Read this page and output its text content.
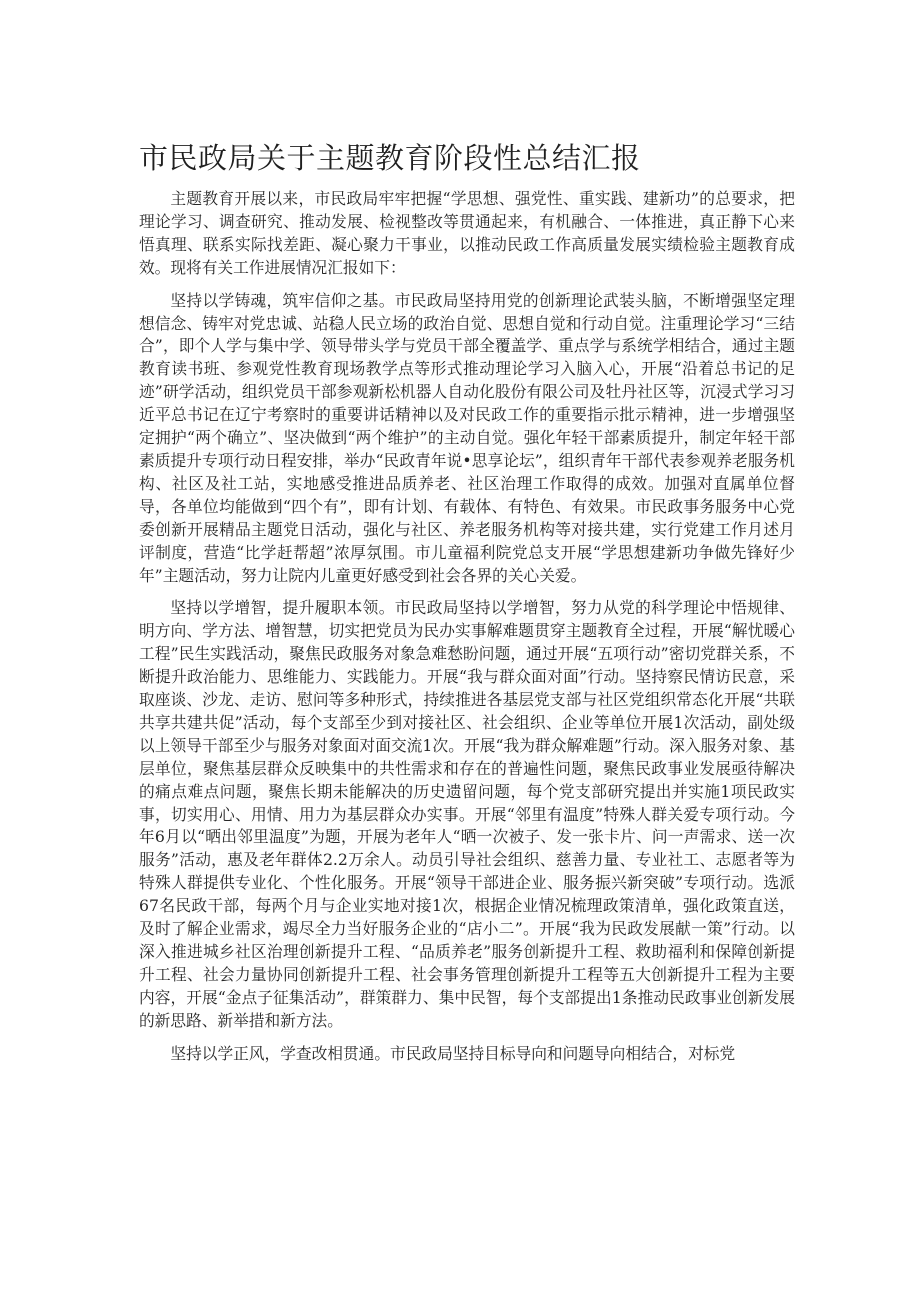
市民政局关于主题教育阶段性总结汇报

主题教育开展以来，市民政局牢牢把握“学思想、强党性、重实践、建新功”的总要求，把理论学习、调查研究、推动发展、检视整改等贯通起来，有机融合、一体推进，真正静下心来悟真理、联系实际找差距、凝心聚力干事业，以推动民政工作高质量发展实绩检验主题教育成效。现将有关工作进展情况汇报如下：

坚持以学铸魂，筑牢信仰之基。市民政局坚持用党的创新理论武装头脑，不断增强坚定理想信念、铸牢对党忠诚、站稳人民立场的政治自觉、思想自觉和行动自觉。注重理论学习“三结合”，即个人学与集中学、领导带头学与党员干部全覆盖学、重点学与系统学相结合，通过主题教育读书班、参观党性教育现场教学点等形式推动理论学习入脑入心，开展“沿着总书记的足迹”研学活动，组织党员干部参观新松机器人自动化股份有限公司及牡丹社区等，沉浸式学习习近平总书记在辽宁考察时的重要讲话精神以及对民政工作的重要指示批示精神，进一步增强坚定拥护“两个确立”、坚决做到“两个维护”的主动自觉。强化年轻干部素质提升，制定年轻干部素质提升专项行动日程安排，举办“民政青年说•思享论坛”，组织青年干部代表参观养老服务机构、社区及社工站，实地感受推进品质养老、社区治理工作取得的成效。加强对直属单位督导，各单位均能做到“四个有”，即有计划、有载体、有特色、有效果。市民政事务服务中心党委创新开展精品主题党日活动，强化与社区、养老服务机构等对接共建，实行党建工作月述月评制度，营造“比学赶帮超”浓厚氛围。市儿童福利院党总支开展“学思想建新功争做先锋好少年”主题活动，努力让院内儿童更好感受到社会各界的关心关爱。

坚持以学增智，提升履职本领。市民政局坚持以学增智，努力从党的科学理论中悟规律、明方向、学方法、增智慧，切实把党员为民办实事解难题贯穿主题教育全过程，开展“解忧暖心工程”民生实践活动，聚焦民政服务对象急难愁盼问题，通过开展“五项行动”密切党群关系，不断提升政治能力、思维能力、实践能力。开展“我与群众面对面”行动。坚持察民情访民意，采取座谈、沙龙、走访、慰问等多种形式，持续推进各基层党支部与社区党组织常态化开展“共联共享共建共促”活动，每个支部至少到对接社区、社会组织、企业等单位开展1次活动，副处级以上领导干部至少与服务对象面对面交流1次。开展“我为群众解难题”行动。深入服务对象、基层单位，聚焦基层群众反映集中的共性需求和存在的普遍性问题，聚焦民政事业发展亟待解决的痛点难点问题，聚焦长期未能解决的历史遗留问题，每个党支部研究提出并实施1项民政实事，切实用心、用情、用力为基层群众办实事。开展“邻里有温度”特殊人群关爱专项行动。今年6月以“晒出邻里温度”为题，开展为老年人“晒一次被子、发一张卡片、问一声需求、送一次服务”活动，惠及老年群体2.2万余人。动员引导社会组织、慈善力量、专业社工、志愿者等为特殊人群提供专业化、个性化服务。开展“领导干部进企业、服务振兴新突破”专项行动。选派67名民政干部，每两个月与企业实地对接1次，根据企业情况梳理政策清单，强化政策直送，及时了解企业需求，竭尽全力当好服务企业的“店小二”。开展“我为民政发展献一策”行动。以深入推进城乡社区治理创新提升工程、“品质养老”服务创新提升工程、救助福利和保障创新提升工程、社会力量协同创新提升工程、社会事务管理创新提升工程等五大创新提升工程为主要内容，开展“金点子征集活动”，群策群力、集中民智，每个支部提出1条推动民政事业创新发展的新思路、新举措和新方法。

坚持以学正风，学查改相贯通。市民政局坚持目标导向和问题导向相结合，对标党
